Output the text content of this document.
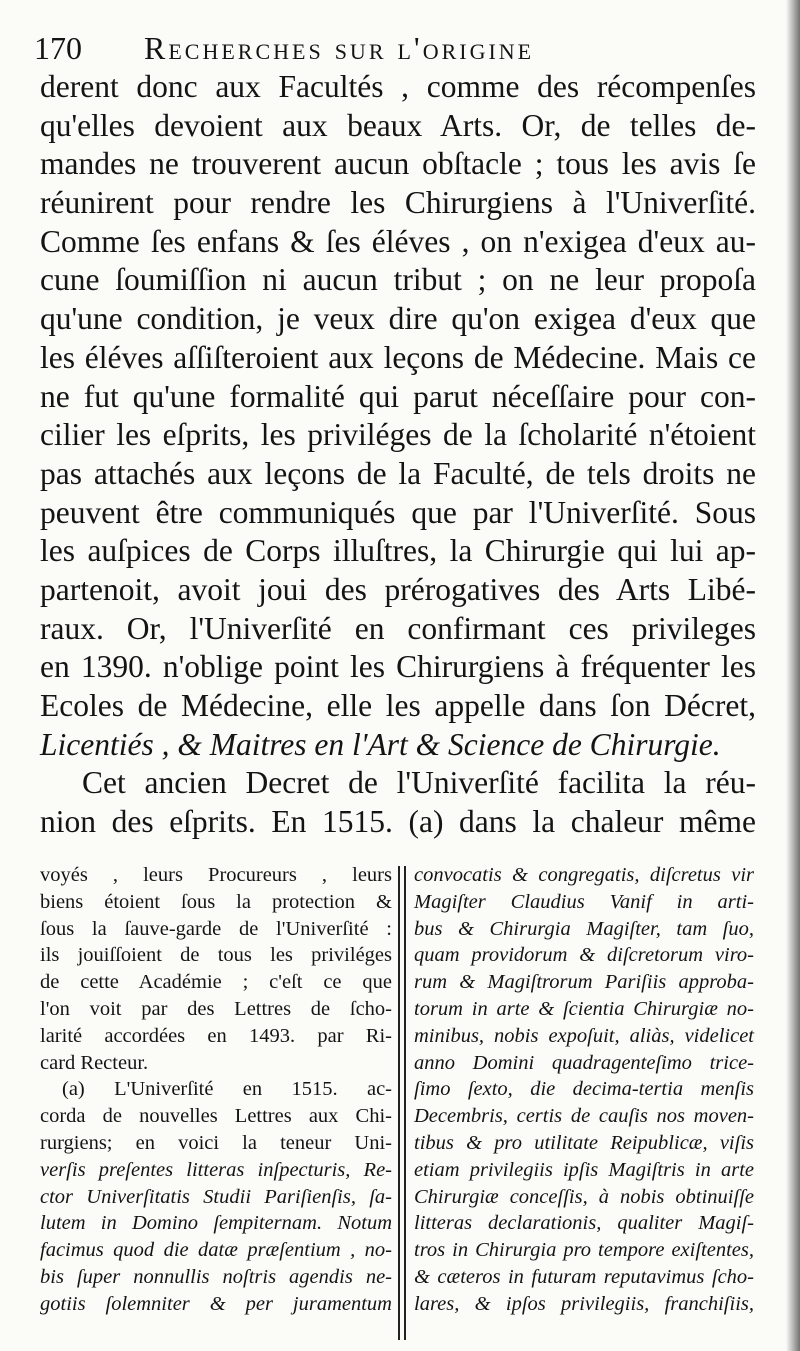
170 Recherches sur l'origine
derent donc aux Facultés , comme des récompenſes
qu'elles devoient aux beaux Arts. Or, de telles de-
mandes ne trouverent aucun obſtacle ; tous les avis ſe
réunirent pour rendre les Chirurgiens à l'Univerſité.
Comme ſes enfans & ſes éléves , on n'exigea d'eux au-
cune ſoumiſſion ni aucun tribut ; on ne leur propoſa
qu'une condition, je veux dire qu'on exigea d'eux que
les éléves aſſiſteroient aux leçons de Médecine. Mais ce
ne fut qu'une formalité qui parut néceſſaire pour con-
cilier les eſprits, les priviléges de la ſcholarité n'étoient
pas attachés aux leçons de la Faculté, de tels droits ne
peuvent être communiqués que par l'Univerſité. Sous
les auſpices de Corps illuſtres, la Chirurgie qui lui ap-
partenoit, avoit joui des prérogatives des Arts Libé-
raux. Or, l'Univerſité en confirmant ces privileges
en 1390. n'oblige point les Chirurgiens à fréquenter les
Ecoles de Médecine, elle les appelle dans ſon Décret,
Licentiés , & Maitres en l'Art & Science de Chirurgie.
Cet ancien Decret de l'Univerſité facilita la réu-
nion des eſprits. En 1515. (a) dans la chaleur même
voyés , leurs Procureurs , leurs
biens étoient ſous la protection &
ſous la ſauve-garde de l'Univerſité :
ils jouiſſoient de tous les priviléges
de cette Académie ; c'eſt ce que
l'on voit par des Lettres de ſcho-
larité accordées en 1493. par Ri-
card Recteur.
(a) L'Univerſité en 1515. ac-
corda de nouvelles Lettres aux Chi-
rurgiens; en voici la teneur Uni-
verſis preſentes litteras inſpecturis, Re-
ctor Univerſitatis Studii Pariſienſis, ſa-
lutem in Domino ſempiternam. Notum
facimus quod die datæ præſentium , no-
bis ſuper nonnullis noſtris agendis ne-
gotiis ſolemniter & per juramentum
convocatis & congregatis, diſcretus vir
Magiſter Claudius Vanif in arti-
bus & Chirurgia Magiſter, tam ſuo,
quam providorum & diſcretorum viro-
rum & Magiſtrorum Pariſiis approba-
torum in arte & ſcientia Chirurgiæ no-
minibus, nobis expoſuit, aliàs, videlicet
anno Domini quadragenteſimo trice-
ſimo ſexto, die decima-tertia menſis
Decembris, certis de cauſis nos moven-
tibus & pro utilitate Reipublicæ, viſis
etiam privilegiis ipſis Magiſtris in arte
Chirurgiæ conceſſis, à nobis obtinuiſſe
litteras declarationis, qualiter Magiſ-
tros in Chirurgia pro tempore exiſtentes,
& cæteros in futuram reputavimus ſcho-
lares, & ipſos privilegiis, franchiſiis,
